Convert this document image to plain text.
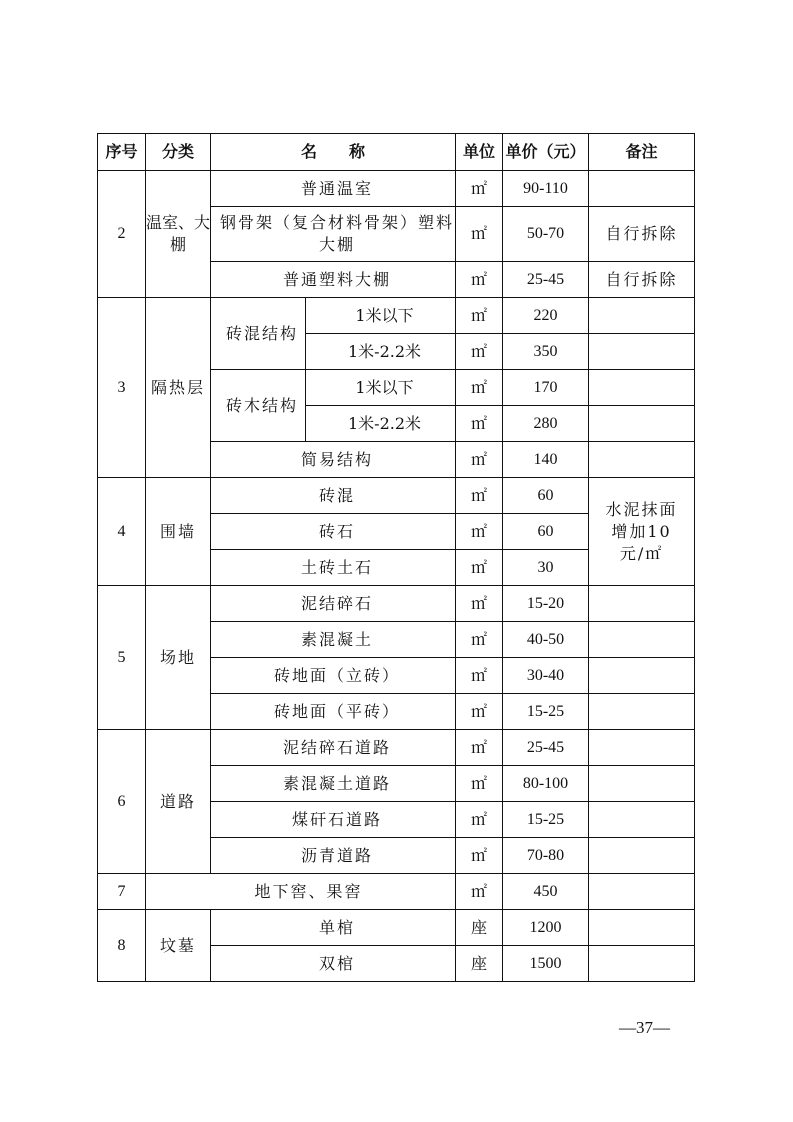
序号	分类	名　　称		单位	单价（元）	备注
2	温室、大棚	普通温室		㎡	90-110	
		钢骨架（复合材料骨架）塑料大棚		㎡	50-70	自行拆除
		普通塑料大棚		㎡	25-45	自行拆除
3	隔热层	砖混结构	1米以下	㎡	220	
			1米-2.2米	㎡	350	
		砖木结构	1米以下	㎡	170	
			1米-2.2米	㎡	280	
		简易结构		㎡	140	
4	围墙	砖混		㎡	60	水泥抹面增加10元/㎡
		砖石		㎡	60	
		土砖土石		㎡	30	
5	场地	泥结碎石		㎡	15-20	
		素混凝土		㎡	40-50	
		砖地面（立砖）		㎡	30-40	
		砖地面（平砖）		㎡	15-25	
6	道路	泥结碎石道路		㎡	25-45	
		素混凝土道路		㎡	80-100	
		煤矸石道路		㎡	15-25	
		沥青道路		㎡	70-80	
7	地下窖、果窖			㎡	450	
8	坟墓	单棺		座	1200	
		双棺		座	1500	
—37—
